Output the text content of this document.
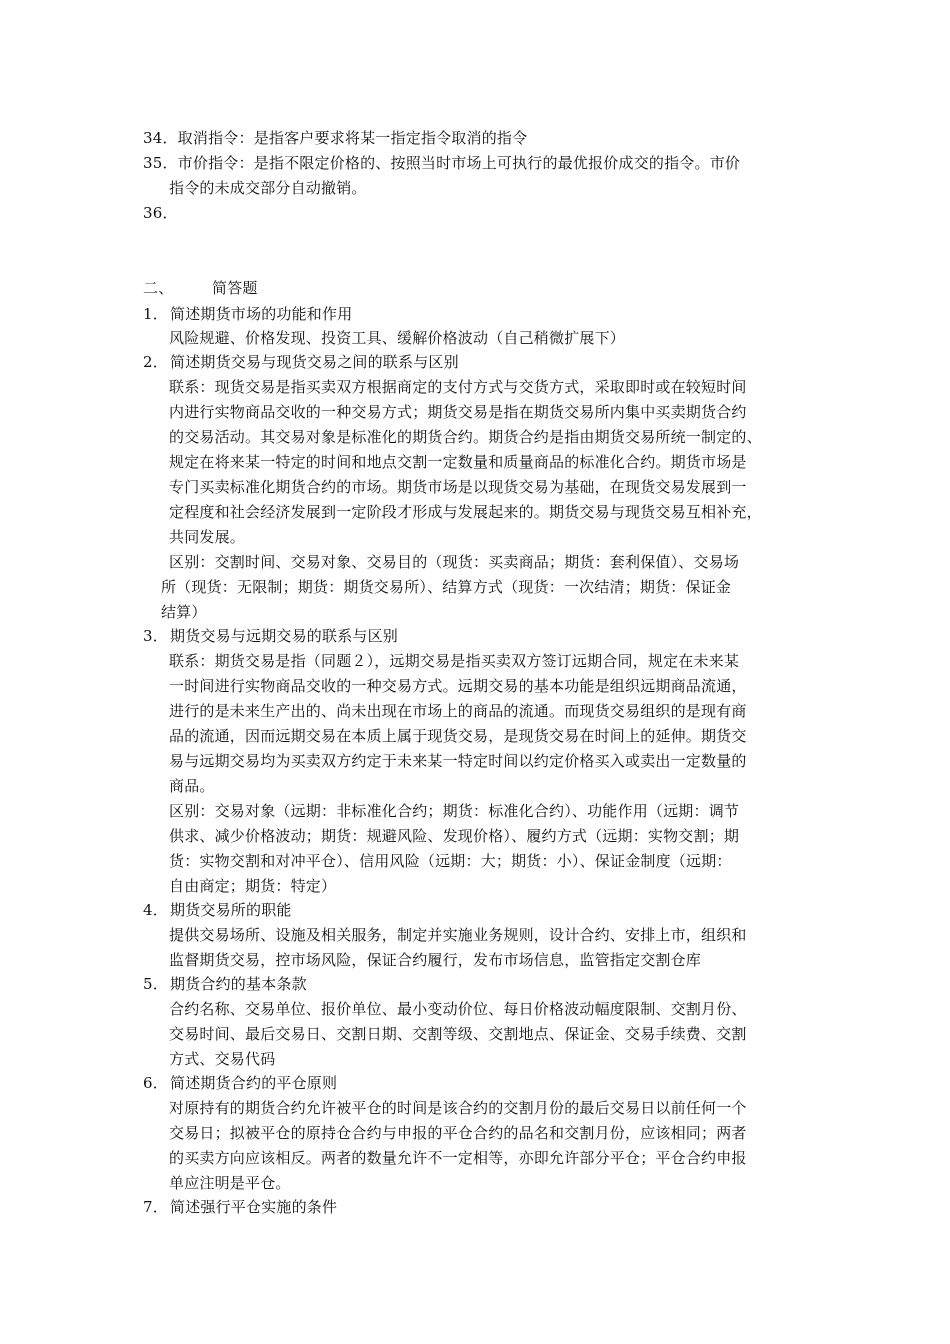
34．取消指令：是指客户要求将某一指定指令取消的指令
35．市价指令：是指不限定价格的、按照当时市场上可执行的最优报价成交的指令。市价
指令的未成交部分自动撤销。
36．
二、	简答题
1． 简述期货市场的功能和作用
风险规避、价格发现、投资工具、缓解价格波动（自己稍微扩展下）
2． 简述期货交易与现货交易之间的联系与区别
联系：现货交易是指买卖双方根据商定的支付方式与交货方式，采取即时或在较短时间
内进行实物商品交收的一种交易方式；期货交易是指在期货交易所内集中买卖期货合约
的交易活动。其交易对象是标准化的期货合约。期货合约是指由期货交易所统一制定的、
规定在将来某一特定的时间和地点交割一定数量和质量商品的标准化合约。期货市场是
专门买卖标准化期货合约的市场。期货市场是以现货交易为基础，在现货交易发展到一
定程度和社会经济发展到一定阶段才形成与发展起来的。期货交易与现货交易互相补充，
共同发展。
区别：交割时间、交易对象、交易目的（现货：买卖商品；期货：套利保值）、交易场
所（现货：无限制；期货：期货交易所）、结算方式（现货：一次结清；期货：保证金
结算）
3． 期货交易与远期交易的联系与区别
联系：期货交易是指（同题２），远期交易是指买卖双方签订远期合同，规定在未来某
一时间进行实物商品交收的一种交易方式。远期交易的基本功能是组织远期商品流通，
进行的是未来生产出的、尚未出现在市场上的商品的流通。而现货交易组织的是现有商
品的流通，因而远期交易在本质上属于现货交易，是现货交易在时间上的延伸。期货交
易与远期交易均为买卖双方约定于未来某一特定时间以约定价格买入或卖出一定数量的
商品。
区别：交易对象（远期：非标准化合约；期货：标准化合约）、功能作用（远期：调节
供求、减少价格波动；期货：规避风险、发现价格）、履约方式（远期：实物交割；期
货：实物交割和对冲平仓）、信用风险（远期：大；期货：小）、保证金制度（远期：
自由商定；期货：特定）
4． 期货交易所的职能
提供交易场所、设施及相关服务，制定并实施业务规则，设计合约、安排上市，组织和
监督期货交易，控市场风险，保证合约履行，发布市场信息，监管指定交割仓库
5． 期货合约的基本条款
合约名称、交易单位、报价单位、最小变动价位、每日价格波动幅度限制、交割月份、
交易时间、最后交易日、交割日期、交割等级、交割地点、保证金、交易手续费、交割
方式、交易代码
6． 简述期货合约的平仓原则
对原持有的期货合约允许被平仓的时间是该合约的交割月份的最后交易日以前任何一个
交易日；拟被平仓的原持仓合约与申报的平仓合约的品名和交割月份，应该相同；两者
的买卖方向应该相反。两者的数量允许不一定相等，亦即允许部分平仓；平仓合约申报
单应注明是平仓。
7． 简述强行平仓实施的条件
